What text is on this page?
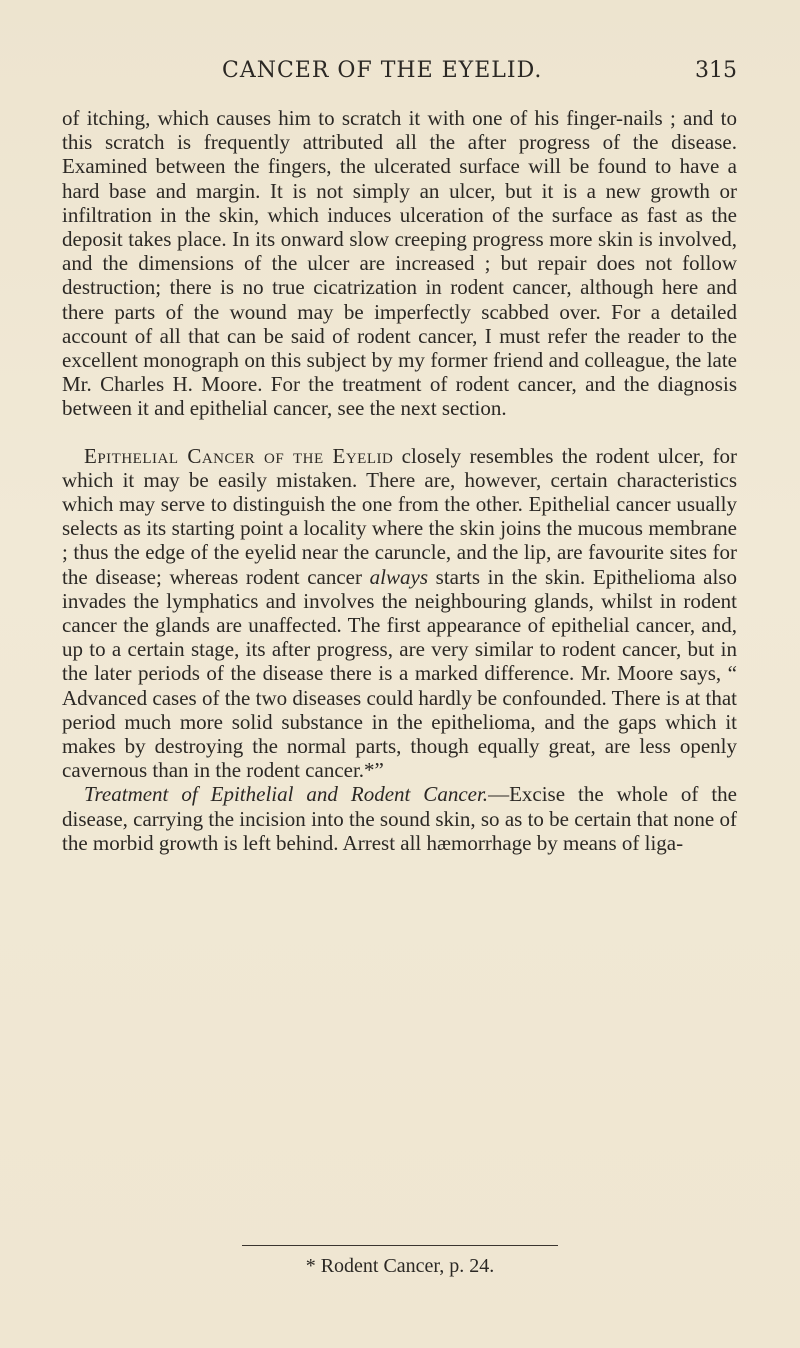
CANCER OF THE EYELID.	315

of itching, which causes him to scratch it with one of his finger-nails ; and to this scratch is frequently attributed all the after progress of the disease. Examined between the fingers, the ulcerated surface will be found to have a hard base and margin. It is not simply an ulcer, but it is a new growth or infiltration in the skin, which induces ulceration of the surface as fast as the deposit takes place. In its onward slow creeping progress more skin is involved, and the dimensions of the ulcer are increased ; but repair does not follow destruction; there is no true cicatrization in rodent cancer, although here and there parts of the wound may be imperfectly scabbed over. For a detailed account of all that can be said of rodent cancer, I must refer the reader to the excellent monograph on this subject by my former friend and colleague, the late Mr. Charles H. Moore. For the treatment of rodent cancer, and the diagnosis between it and epithelial cancer, see the next section.

Epithelial Cancer of the Eyelid closely resembles the rodent ulcer, for which it may be easily mistaken. There are, however, certain characteristics which may serve to distinguish the one from the other. Epithelial cancer usually selects as its starting point a locality where the skin joins the mucous membrane ; thus the edge of the eyelid near the caruncle, and the lip, are favourite sites for the disease; whereas rodent cancer always starts in the skin. Epithelioma also invades the lymphatics and involves the neighbouring glands, whilst in rodent cancer the glands are unaffected. The first appearance of epithelial cancer, and, up to a certain stage, its after progress, are very similar to rodent cancer, but in the later periods of the disease there is a marked difference. Mr. Moore says, “ Advanced cases of the two diseases could hardly be confounded. There is at that period much more solid substance in the epithelioma, and the gaps which it makes by destroying the normal parts, though equally great, are less openly cavernous than in the rodent cancer.*”

Treatment of Epithelial and Rodent Cancer.—Excise the whole of the disease, carrying the incision into the sound skin, so as to be certain that none of the morbid growth is left behind. Arrest all hæmorrhage by means of liga-

* Rodent Cancer, p. 24.
